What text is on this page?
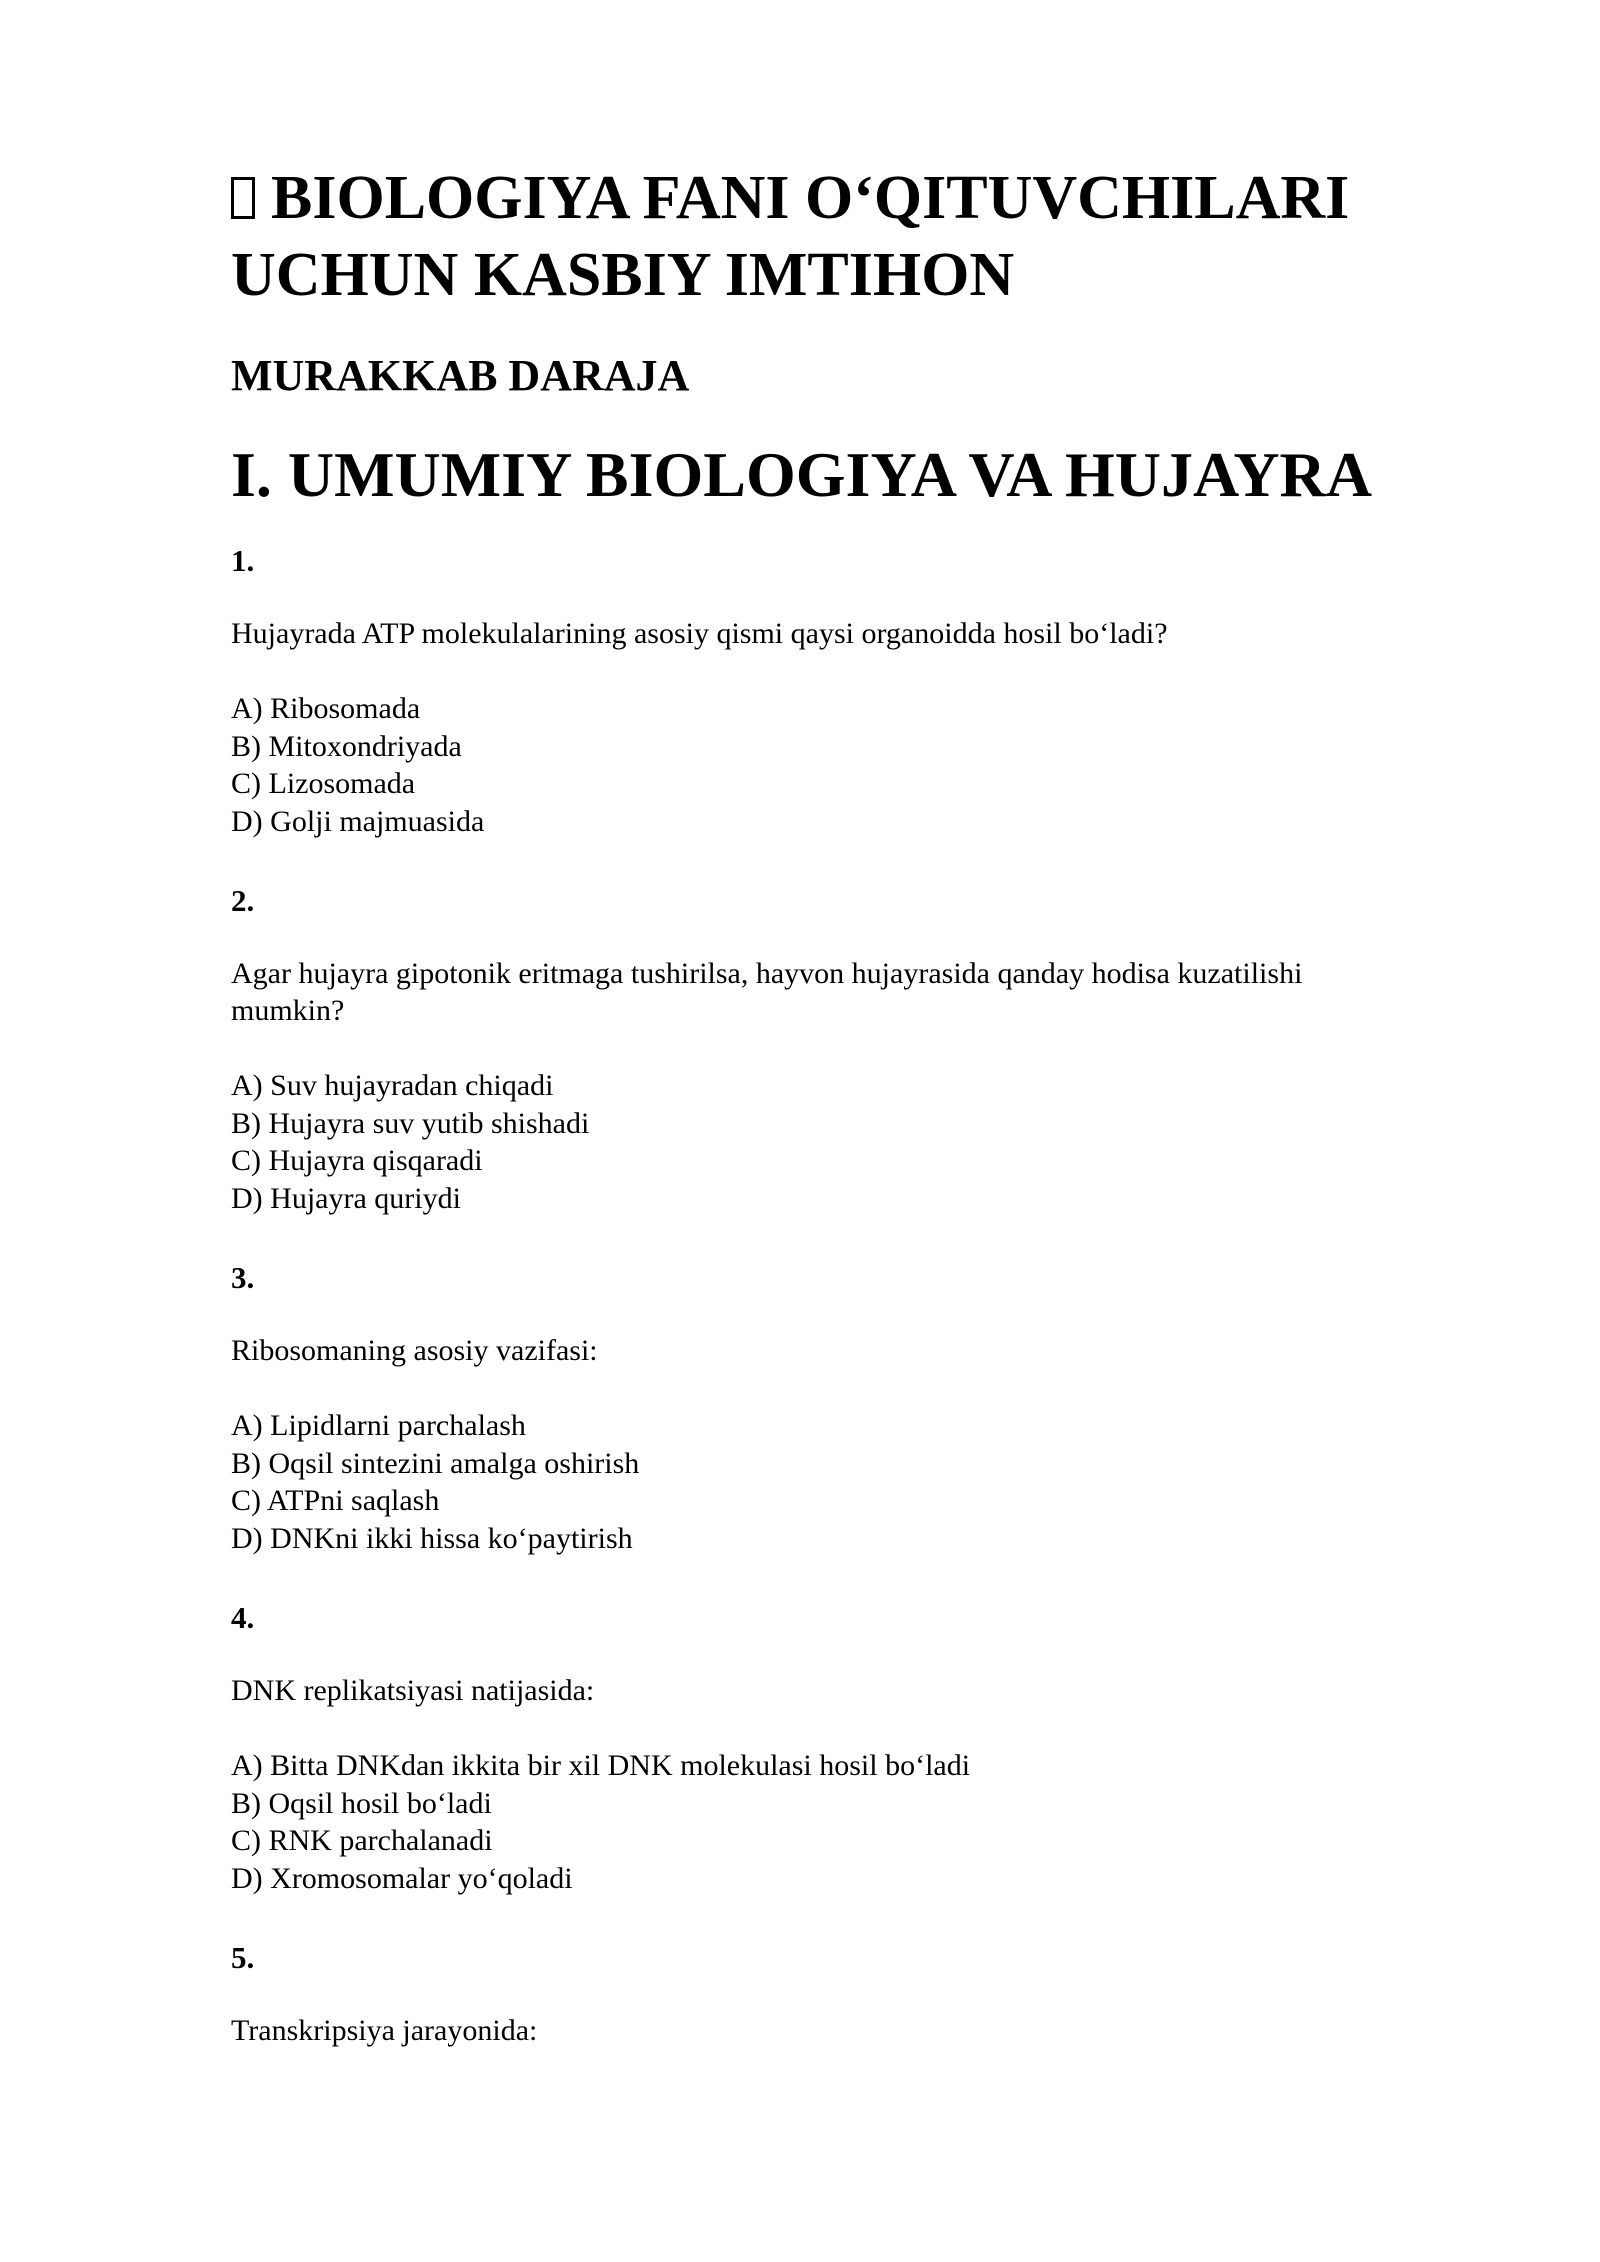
BIOLOGIYA FANI O‘QITUVCHILARI UCHUN KASBIY IMTIHON
MURAKKAB DARAJA
I. UMUMIY BIOLOGIYA VA HUJAYRA
1.
Hujayrada ATP molekulalarining asosiy qismi qaysi organoidda hosil bo‘ladi?
A) Ribosomada
B) Mitoxondriyada
C) Lizosomada
D) Golji majmuasida
2.
Agar hujayra gipotonik eritmaga tushirilsa, hayvon hujayrasida qanday hodisa kuzatilishi mumkin?
A) Suv hujayradan chiqadi
B) Hujayra suv yutib shishadi
C) Hujayra qisqaradi
D) Hujayra quriydi
3.
Ribosomaning asosiy vazifasi:
A) Lipidlarni parchalash
B) Oqsil sintezini amalga oshirish
C) ATPni saqlash
D) DNKni ikki hissa ko‘paytirish
4.
DNK replikatsiyasi natijasida:
A) Bitta DNKdan ikkita bir xil DNK molekulasi hosil bo‘ladi
B) Oqsil hosil bo‘ladi
C) RNK parchalanadi
D) Xromosomalar yo‘qoladi
5.
Transkripsiya jarayonida:
